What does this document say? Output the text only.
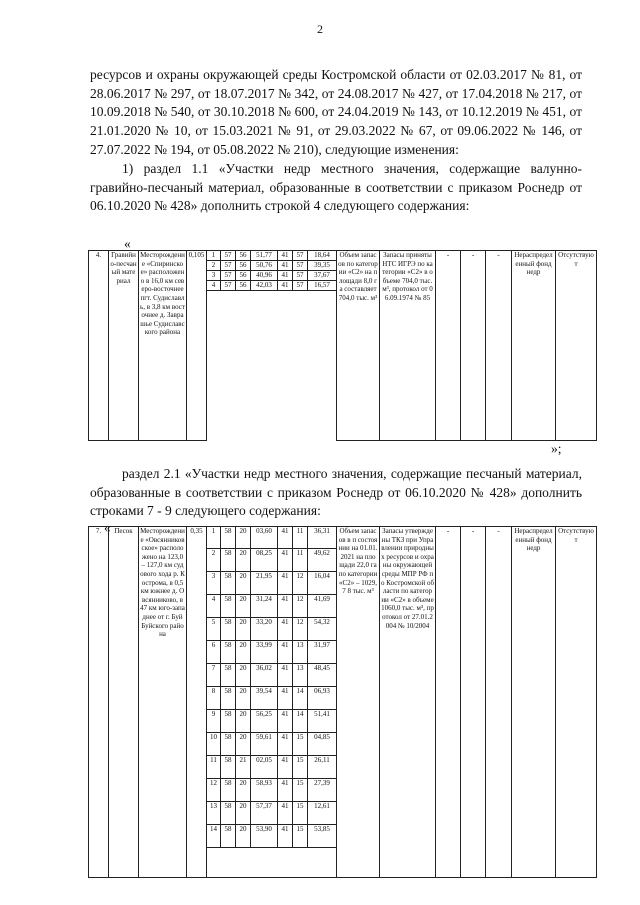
2
ресурсов и охраны окружающей среды Костромской области от 02.03.2017 № 81, от 28.06.2017 № 297, от 18.07.2017 № 342, от 24.08.2017 № 427, от 17.04.2018 № 217, от 10.09.2018 № 540, от 30.10.2018 № 600, от 24.04.2019 № 143, от 10.12.2019 № 451, от 21.01.2020 № 10, от 15.03.2021 № 91, от 29.03.2022 № 67, от 09.06.2022 № 146, от 27.07.2022 № 194, от 05.08.2022 № 210), следующие изменения:
1) раздел 1.1 «Участки недр местного значения, содержащие валунно-гравийно-песчаный материал, образованные в соответствии с приказом Роснедр от 06.10.2020 № 428» дополнить строкой 4 следующего содержания:
«
4.	Гравийно-песчаный материал	Месторождение «Спиринское» расположено в 16,0 км северо-восточнее пгт. Судиславль, в 3,8 км восточнее д. Заврашье Судиславского района	0,105	1	57	56	51,77	41	57	18,64	Объем запасов по категории «С2» на площади 8,0 га составляет 704,0 тыс. м³	Запасы приняты НТС ИГРЭ по категории «С2» в объеме 704,0 тыс. м³, протокол от 06.09.1974 № 85	-	-	-	Нераспределенный фонд недр	Отсутствуют
				2	57	56	50,76	41	57	39,35							
				3	57	56	40,96	41	57	37,67							
				4	57	56	42,03	41	57	16,57							

»;
раздел 2.1 «Участки недр местного значения, содержащие песчаный материал, образованные в соответствии с приказом Роснедр от 06.10.2020 № 428» дополнить строками 7 - 9 следующего содержания:
«
7.	Песок	Месторождение «Овсянниковское» расположено на 123,0 – 127,0 км судового хода р. Кострома, в 0,5 км южнее д. Овсянниково, в 47 км юго-западнее от г. Буй Буйского района	0,35	1	58	20	03,60	41	11	36,31	Объем запасов в п состоянии на 01.01. 2021 на площади 22,0 га по категории «С2» – 1029,7 8 тыс. м³	Запасы утверждены ТКЗ при Управлении природных ресурсов и охраны окружающей среды МПР РФ по Костромской области по категории «С2» в объеме 1060,0 тыс. м³, протокол от 27.01.2004 № 10/2004	-	-	-	Нераспределенный фонд недр	Отсутствуют
				2	58	20	08,25	41	11	49,62							
				3	58	20	21,95	41	12	16,04							
				4	58	20	31,24	41	12	41,69							
				5	58	20	33,20	41	12	54,32							
				6	58	20	33,99	41	13	31,97							
				7	58	20	36,02	41	13	48,45							
				8	58	20	39,54	41	14	06,93							
				9	58	20	56,25	41	14	51,41							
				10	58	20	59,61	41	15	04,85							
				11	58	21	02,05	41	15	26,11							
				12	58	20	58,93	41	15	27,39							
				13	58	20	57,37	41	15	12,61							
				14	58	20	53,90	41	15	53,85							
